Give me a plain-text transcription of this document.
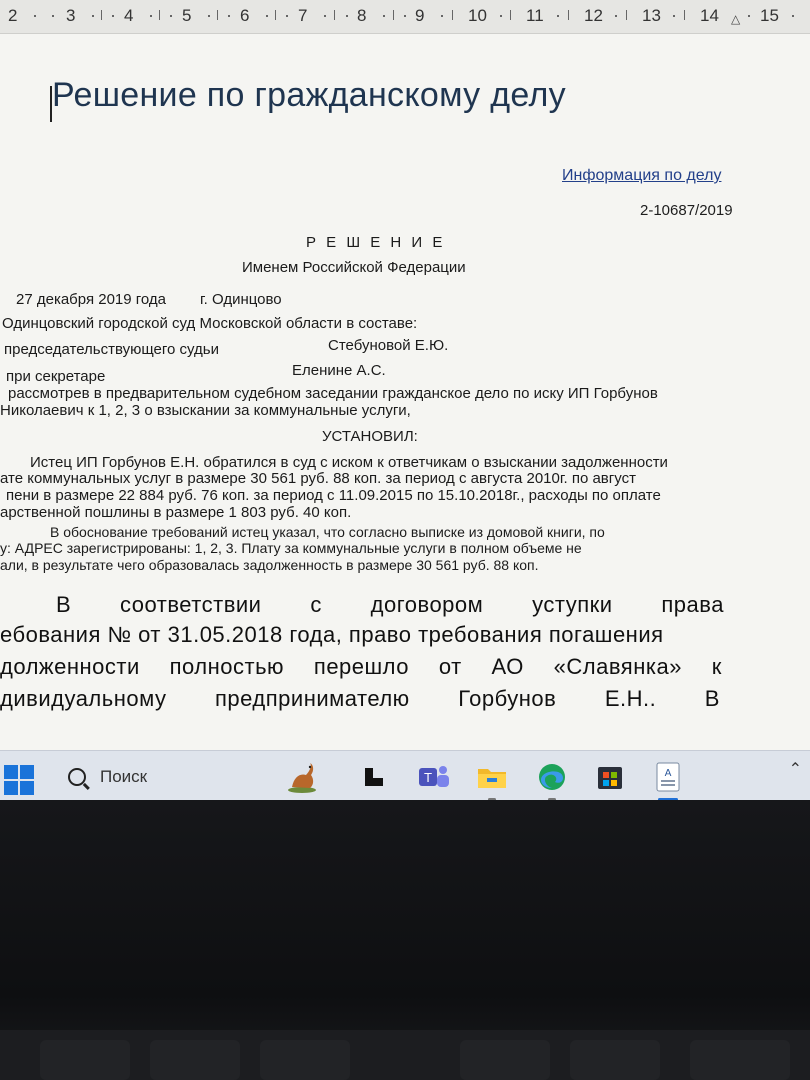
2	3	4	5	6	7	8	9	10 11 12 13 14 △ 15
Решение по гражданскому делу
Информация по делу
2-10687/2019
Р Е Ш Е Н И Е
Именем Российской Федерации
27 декабря 2019 года г. Одинцово
Одинцовский городской суд Московской области в составе:
председательствующего судьи	Стебуновой Е.Ю.
при секретаре	Еленине А.С.
рассмотрев в предварительном судебном заседании гражданское дело по иску ИП Горбунов
Николаевич к 1, 2, 3 о взыскании за коммунальные услуги,
УСТАНОВИЛ:
Истец ИП Горбунов Е.Н. обратился в суд с иском к ответчикам о взыскании задолженности
ате коммунальных услуг в размере 30 561 руб. 88 коп. за период с августа 2010г. по август
пени в размере 22 884 руб. 76 коп. за период с 11.09.2015 по 15.10.2018г., расходы по оплате
арственной пошлины в размере 1 803 руб. 40 коп.
В обоснование требований истец указал, что согласно выписке из домовой книги, по
у: АДРЕС зарегистрированы: 1, 2, 3. Плату за коммунальные услуги в полном объеме не
али, в результате чего образовалась задолженность в размере 30 561 руб. 88 коп.
В соответствии с договором уступки права
ебования № от 31.05.2018 года, право требования погашения
долженности полностью перешло от АО «Славянка» к
дивидуальному предпринимателю Горбунов Е.Н.. В
Поиск	T	A	⌃
